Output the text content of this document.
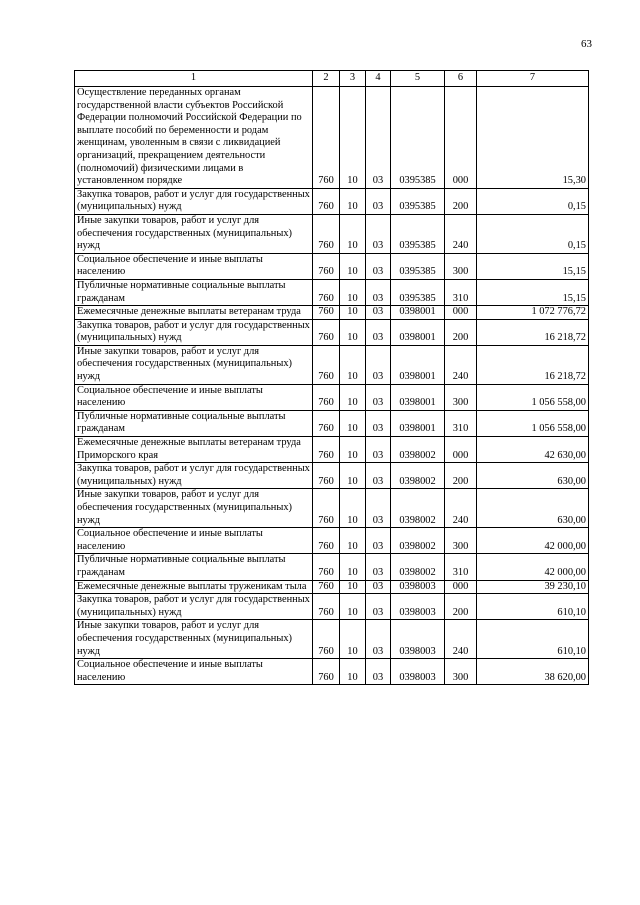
63
1	2	3	4	5	6	7
Осуществление переданных органам государственной власти субъектов Российской Федерации полномочий Российской Федерации по выплате пособий по беременности и родам женщинам, уволенным в связи с ликвидацией организаций, прекращением деятельности (полномочий) физическими лицами в установленном порядке	760	10	03	0395385	000	15,30
Закупка товаров, работ и услуг для государственных (муниципальных) нужд	760	10	03	0395385	200	0,15
Иные закупки товаров, работ и услуг для обеспечения государственных (муниципальных) нужд	760	10	03	0395385	240	0,15
Социальное обеспечение и иные выплаты населению	760	10	03	0395385	300	15,15
Публичные нормативные социальные выплаты гражданам	760	10	03	0395385	310	15,15
Ежемесячные денежные выплаты ветеранам труда	760	10	03	0398001	000	1 072 776,72
Закупка товаров, работ и услуг для государственных (муниципальных) нужд	760	10	03	0398001	200	16 218,72
Иные закупки товаров, работ и услуг для обеспечения государственных (муниципальных) нужд	760	10	03	0398001	240	16 218,72
Социальное обеспечение и иные выплаты населению	760	10	03	0398001	300	1 056 558,00
Публичные нормативные социальные выплаты гражданам	760	10	03	0398001	310	1 056 558,00
Ежемесячные денежные выплаты ветеранам труда Приморского края	760	10	03	0398002	000	42 630,00
Закупка товаров, работ и услуг для государственных (муниципальных) нужд	760	10	03	0398002	200	630,00
Иные закупки товаров, работ и услуг для обеспечения государственных (муниципальных) нужд	760	10	03	0398002	240	630,00
Социальное обеспечение и иные выплаты населению	760	10	03	0398002	300	42 000,00
Публичные нормативные социальные выплаты гражданам	760	10	03	0398002	310	42 000,00
Ежемесячные денежные выплаты труженикам тыла	760	10	03	0398003	000	39 230,10
Закупка товаров, работ и услуг для государственных (муниципальных) нужд	760	10	03	0398003	200	610,10
Иные закупки товаров, работ и услуг для обеспечения государственных (муниципальных) нужд	760	10	03	0398003	240	610,10
Социальное обеспечение и иные выплаты населению	760	10	03	0398003	300	38 620,00
